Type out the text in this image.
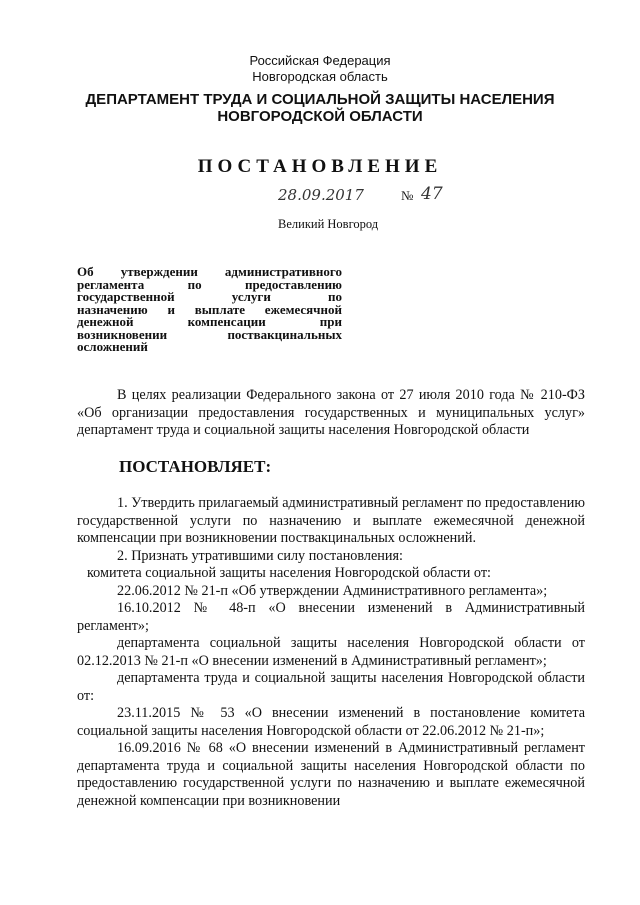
Российская Федерация
Новгородская область
ДЕПАРТАМЕНТ ТРУДА И СОЦИАЛЬНОЙ ЗАЩИТЫ НАСЕЛЕНИЯ
НОВГОРОДСКОЙ ОБЛАСТИ
ПОСТАНОВЛЕНИЕ
28.09.2017	№ 47
Великий Новгород
Об утверждении административного
регламента по предоставлению
государственной услуги по
назначению и выплате ежемесячной
денежной компенсации при
возникновении поствакцинальных
осложнений

В целях реализации Федерального закона от 27 июля 2010 года № 210-ФЗ «Об организации предоставления государственных и муниципальных услуг» департамент труда и социальной защиты населения Новгородской области

ПОСТАНОВЛЯЕТ:

1. Утвердить прилагаемый административный регламент по предоставлению государственной услуги по назначению и выплате ежемесячной денежной компенсации при возникновении поствакцинальных осложнений.

2. Признать утратившими силу постановления:

комитета социальной защиты населения Новгородской области от:

22.06.2012 № 21-п «Об утверждении Административного регламента»;

16.10.2012 № 48-п «О внесении изменений в Административный регламент»;

департамента социальной защиты населения Новгородской области от 02.12.2013 № 21-п «О внесении изменений в Административный регламент»;

департамента труда и социальной защиты населения Новгородской области от:

23.11.2015 № 53 «О внесении изменений в постановление комитета социальной защиты населения Новгородской области от 22.06.2012 № 21-п»;

16.09.2016 № 68 «О внесении изменений в Административный регламент департамента труда и социальной защиты населения Новгородской области по предоставлению государственной услуги по назначению и выплате ежемесячной денежной компенсации при возникновении
